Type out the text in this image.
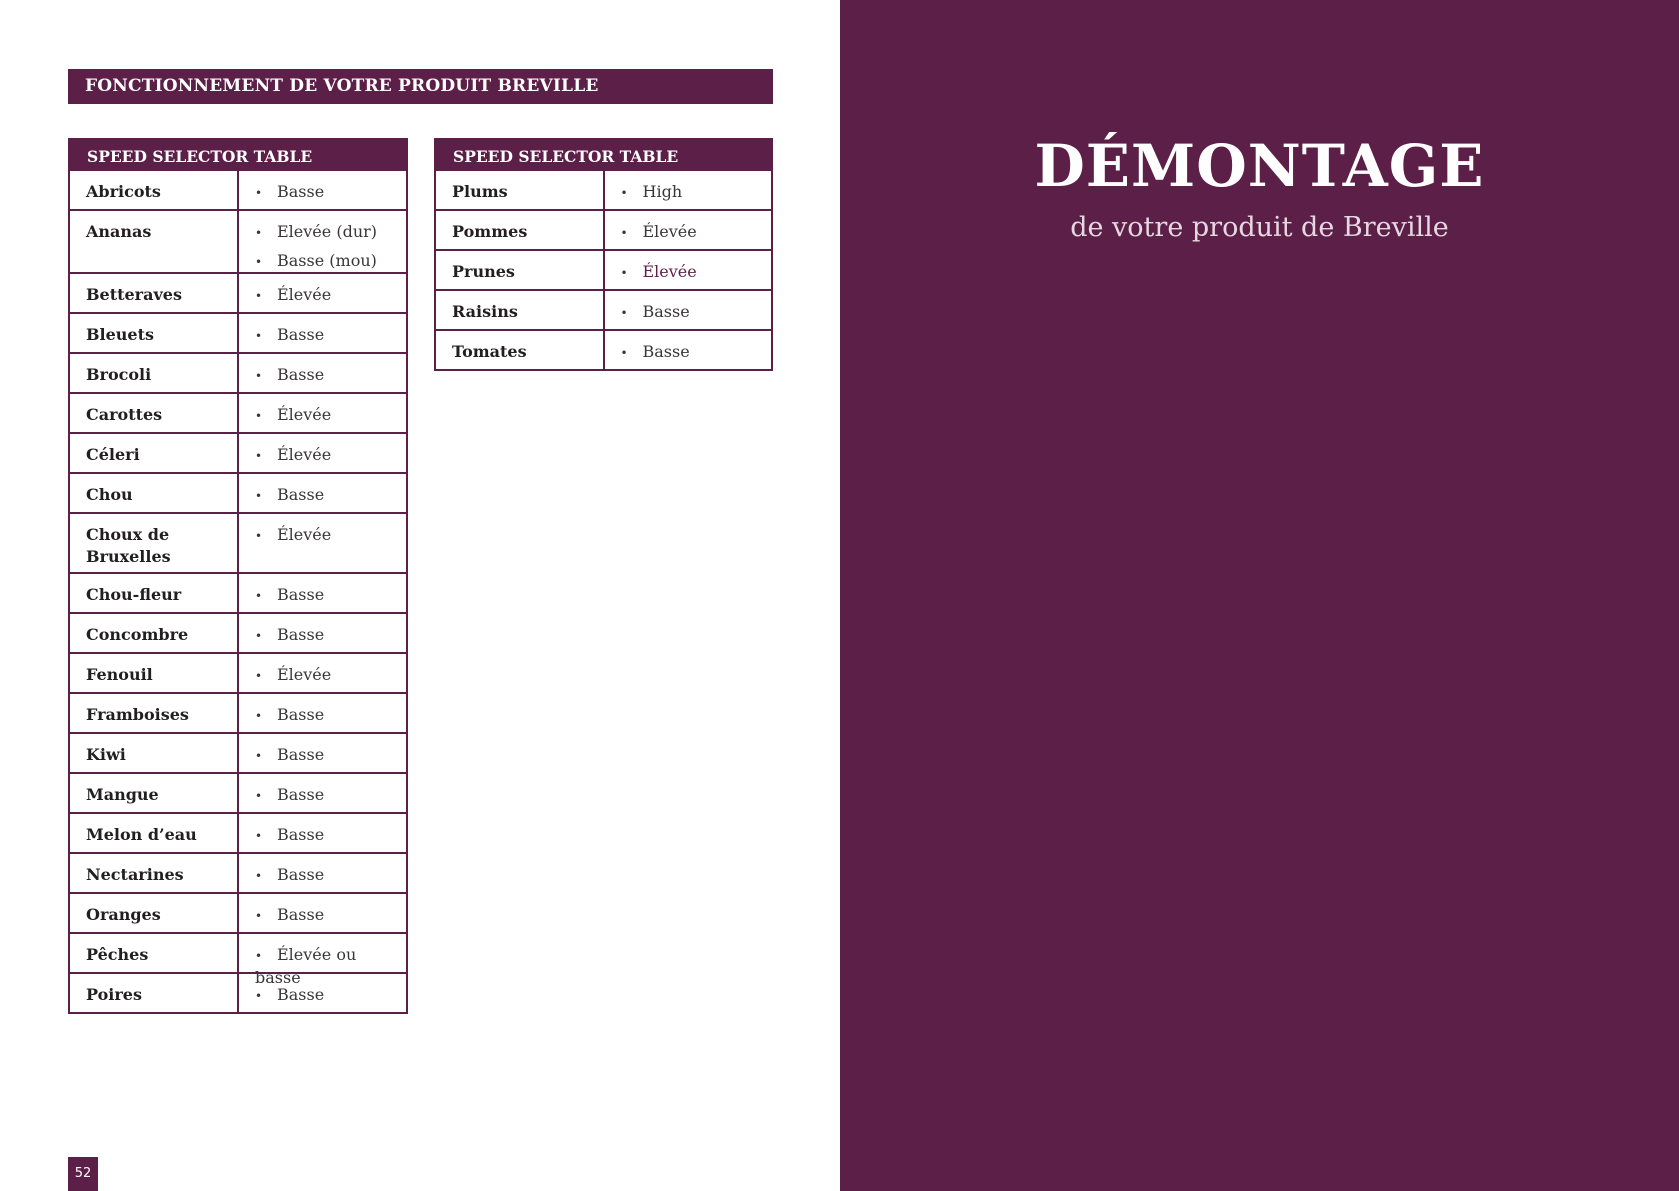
FONCTIONNEMENT DE VOTRE PRODUIT BREVILLE
SPEED SELECTOR TABLE	

Abricots	• Basse

Ananas	• Elevée (dur)
• Basse (mou)

Betteraves	• Élevée

Bleuets	• Basse

Brocoli	• Basse

Carottes	• Élevée

Céleri	• Élevée

Chou	• Basse

Choux de
Bruxelles	• Élevée

Chou-fleur	• Basse

Concombre	• Basse

Fenouil	• Élevée

Framboises	• Basse

Kiwi	• Basse

Mangue	• Basse

Melon d’eau	• Basse

Nectarines	• Basse

Oranges	• Basse

Pêches	• Élevée ou basse

Poires	• Basse
SPEED SELECTOR TABLE	

Plums	• High

Pommes	• Élevée

Prunes	• Élevée

Raisins	• Basse

Tomates	• Basse
52
DÉMONTAGE
de votre produit de Breville
